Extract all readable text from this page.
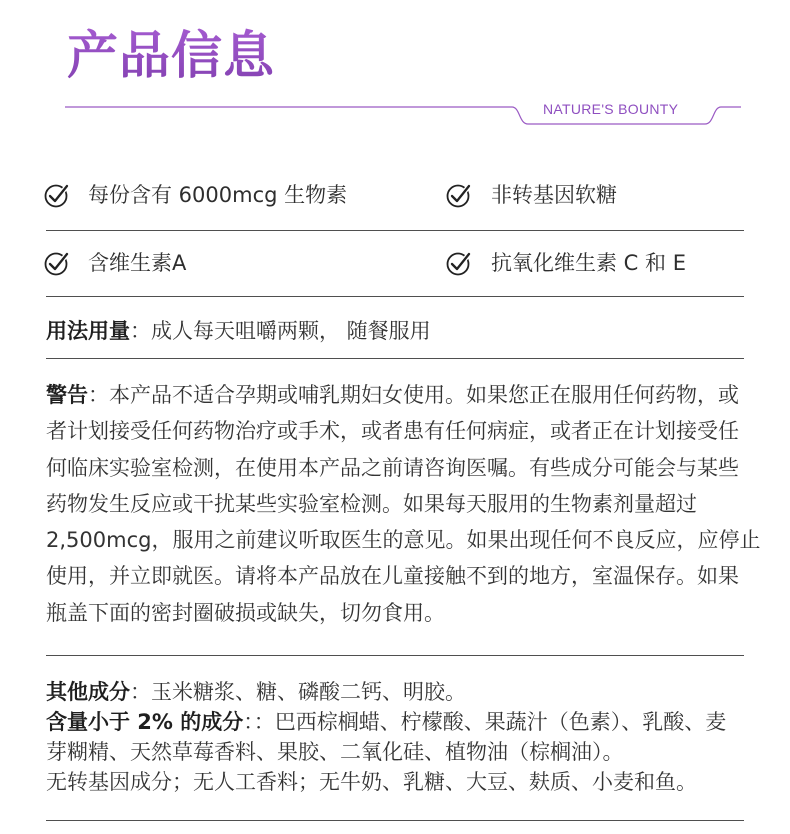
产品信息
NATURE'S BOUNTY
每份含有 6000mcg 生物素	非转基因软糖
含维生素A	抗氧化维生素 C 和 E
用法用量：成人每天咀嚼两颗， 随餐服用
警告：本产品不适合孕期或哺乳期妇女使用。如果您正在服用任何药物，或
者计划接受任何药物治疗或手术，或者患有任何病症，或者正在计划接受任
何临床实验室检测，在使用本产品之前请咨询医嘱。有些成分可能会与某些
药物发生反应或干扰某些实验室检测。如果每天服用的生物素剂量超过
2,500mcg，服用之前建议听取医生的意见。如果出现任何不良反应，应停止
使用，并立即就医。请将本产品放在儿童接触不到的地方，室温保存。如果
瓶盖下面的密封圈破损或缺失，切勿食用。
其他成分：玉米糖浆、糖、磷酸二钙、明胶。
含量小于 2% 的成分：：巴西棕榈蜡、柠檬酸、果蔬汁（色素）、乳酸、麦
芽糊精、天然草莓香料、果胶、二氧化硅、植物油（棕榈油）。
无转基因成分；无人工香料；无牛奶、乳糖、大豆、麸质、小麦和鱼。
